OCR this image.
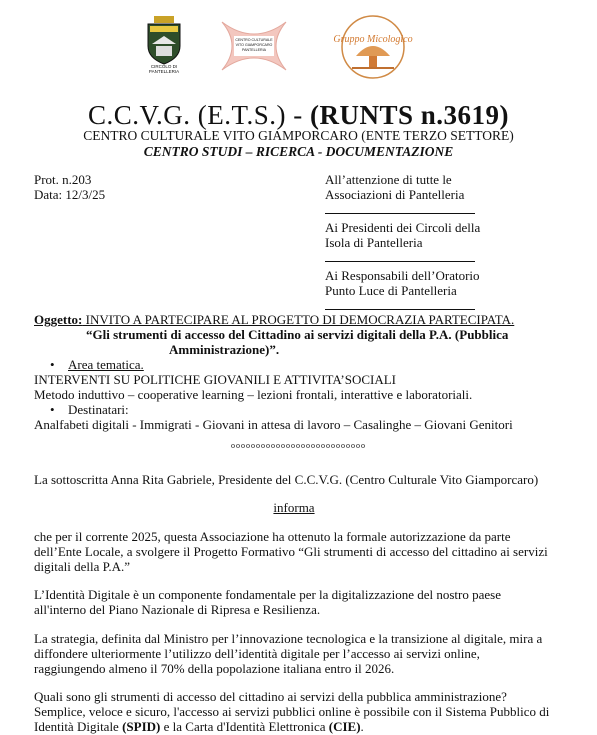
CIRCOLO DI PANTELLERIA
CENTRO CULTURALE VITO GIAMPORCARO PANTELLERIA
Gruppo Micologico
C.C.V.G. (E.T.S.) - (RUNTS n.3619)
CENTRO CULTURALE VITO GIAMPORCARO (ENTE TERZO SETTORE)
CENTRO STUDI – RICERCA - DOCUMENTAZIONE
Prot. n.203
Data: 12/3/25
All’attenzione di tutte le
Associazioni di Pantelleria
Ai Presidenti dei Circoli della
Isola di Pantelleria
Ai Responsabili dell’Oratorio
Punto Luce di Pantelleria
Oggetto: INVITO A PARTECIPARE AL PROGETTO DI DEMOCRAZIA PARTECIPATA.
“Gli strumenti di accesso del Cittadino ai servizi digitali della P.A. (Pubblica
Amministrazione)”.
• Area tematica.
INTERVENTI SU POLITICHE GIOVANILI E ATTIVITA’SOCIALI
Metodo induttivo – cooperative learning – lezioni frontali, interattive e laboratoriali.
• Destinatari:
Analfabeti digitali - Immigrati - Giovani in attesa di lavoro – Casalinghe – Giovani Genitori
ooooooooooooooooooooooooooo
La sottoscritta Anna Rita Gabriele, Presidente del C.C.V.G. (Centro Culturale Vito Giamporcaro)
informa
che per il corrente 2025, questa Associazione ha ottenuto la formale autorizzazione da parte dell’Ente Locale, a svolgere il Progetto Formativo “Gli strumenti di accesso del cittadino ai servizi digitali della P.A.”
L’Identità Digitale è un componente fondamentale per la digitalizzazione del nostro paese all'interno del Piano Nazionale di Ripresa e Resilienza.
La strategia, definita dal Ministro per l’innovazione tecnologica e la transizione al digitale, mira a diffondere ulteriormente l’utilizzo dell’identità digitale per l’accesso ai servizi online, raggiungendo almeno il 70% della popolazione italiana entro il 2026.
Quali sono gli strumenti di accesso del cittadino ai servizi della pubblica amministrazione?
Semplice, veloce e sicuro, l'accesso ai servizi pubblici online è possibile con il Sistema Pubblico di Identità Digitale (SPID) e la Carta d'Identità Elettronica (CIE).
